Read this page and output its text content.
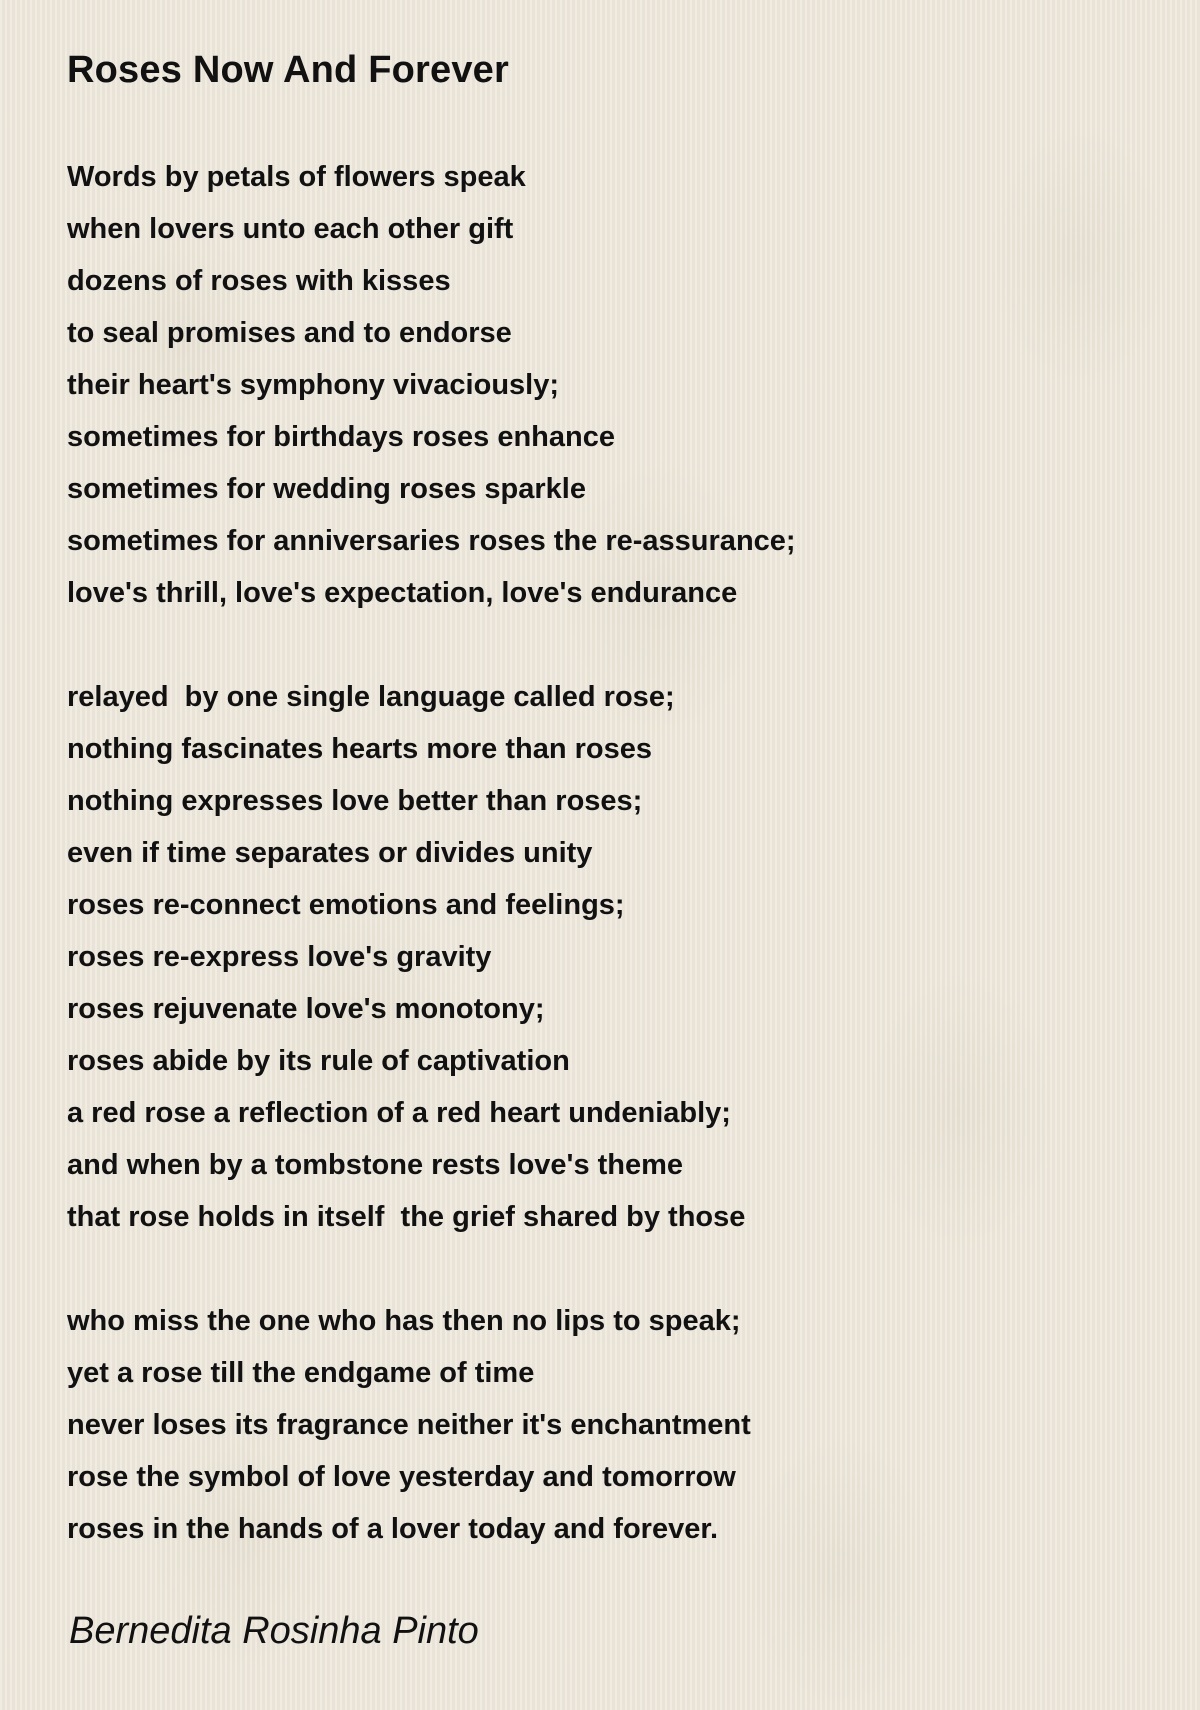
Roses Now And Forever

Words by petals of flowers speak
when lovers unto each other gift
dozens of roses with kisses
to seal promises and to endorse
their heart's symphony vivaciously;
sometimes for birthdays roses enhance
sometimes for wedding roses sparkle
sometimes for anniversaries roses the re-assurance;
love's thrill, love's expectation, love's endurance

relayed  by one single language called rose;
nothing fascinates hearts more than roses
nothing expresses love better than roses;
even if time separates or divides unity
roses re-connect emotions and feelings;
roses re-express love's gravity
roses rejuvenate love's monotony;
roses abide by its rule of captivation
a red rose a reflection of a red heart undeniably;
and when by a tombstone rests love's theme
that rose holds in itself  the grief shared by those

who miss the one who has then no lips to speak;
yet a rose till the endgame of time
never loses its fragrance neither it's enchantment
rose the symbol of love yesterday and tomorrow
roses in the hands of a lover today and forever.

Bernedita Rosinha Pinto
